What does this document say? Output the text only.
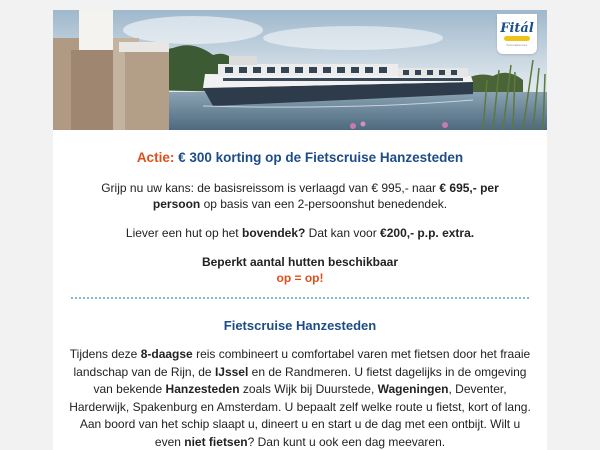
Fitál
fietsvakanties
Actie: € 300 korting op de Fietscruise Hanzesteden

Grijp nu uw kans: de basisreissom is verlaagd van € 995,- naar € 695,- per persoon op basis van een 2-persoonshut benedendek.

Liever een hut op het bovendek? Dat kan voor €200,- p.p. extra.

Beperkt aantal hutten beschikbaar
op = op!

Fietscruise Hanzesteden

Tijdens deze 8-daagse reis combineert u comfortabel varen met fietsen door het fraaie landschap van de Rijn, de IJssel en de Randmeren. U fietst dagelijks in de omgeving van bekende Hanzesteden zoals Wijk bij Duurstede, Wageningen, Deventer, Harderwijk, Spakenburg en Amsterdam. U bepaalt zelf welke route u fietst, kort of lang. Aan boord van het schip slaapt u, dineert u en start u de dag met een ontbijt. Wilt u even niet fietsen? Dan kunt u ook een dag meevaren.
